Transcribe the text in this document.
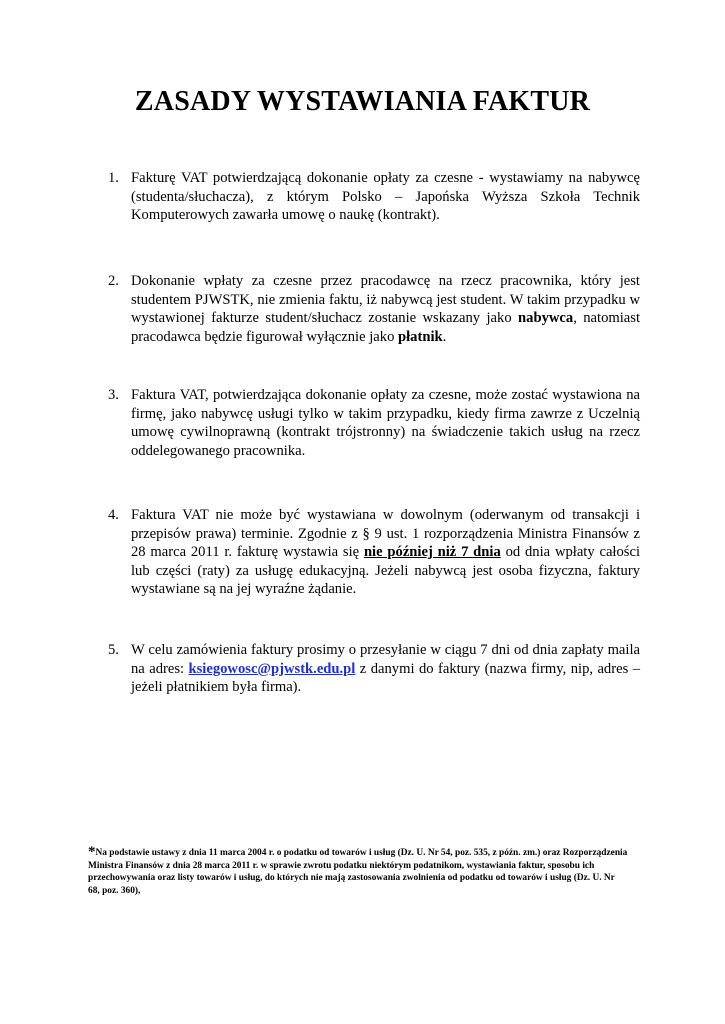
ZASADY WYSTAWIANIA FAKTUR
1. Fakturę VAT potwierdzającą dokonanie opłaty za czesne - wystawiamy na nabywcę (studenta/słuchacza), z którym Polsko – Japońska Wyższa Szkoła Technik Komputerowych zawarła umowę o naukę (kontrakt).
2. Dokonanie wpłaty za czesne przez pracodawcę na rzecz pracownika, który jest studentem PJWSTK, nie zmienia faktu, iż nabywcą jest student. W takim przypadku w wystawionej fakturze student/słuchacz zostanie wskazany jako nabywca, natomiast pracodawca będzie figurował wyłącznie jako płatnik.
3. Faktura VAT, potwierdzająca dokonanie opłaty za czesne, może zostać wystawiona na firmę, jako nabywcę usługi tylko w takim przypadku, kiedy firma zawrze z Uczelnią umowę cywilnoprawną (kontrakt trójstronny) na świadczenie takich usług na rzecz oddelegowanego pracownika.
4. Faktura VAT nie może być wystawiana w dowolnym (oderwanym od transakcji i przepisów prawa) terminie. Zgodnie z § 9 ust. 1 rozporządzenia Ministra Finansów z 28 marca 2011 r. fakturę wystawia się nie później niż 7 dnia od dnia wpłaty całości lub części (raty) za usługę edukacyjną. Jeżeli nabywcą jest osoba fizyczna, faktury wystawiane są na jej wyraźne żądanie.
5. W celu zamówienia faktury prosimy o przesyłanie w ciągu 7 dni od dnia zapłaty maila na adres: ksiegowosc@pjwstk.edu.pl z danymi do faktury (nazwa firmy, nip, adres – jeżeli płatnikiem była firma).
*Na podstawie ustawy z dnia 11 marca 2004 r. o podatku od towarów i usług (Dz. U. Nr 54, poz. 535, z późn. zm.) oraz Rozporządzenia Ministra Finansów z dnia 28 marca 2011 r. w sprawie zwrotu podatku niektórym podatnikom, wystawiania faktur, sposobu ich przechowywania oraz listy towarów i usług, do których nie mają zastosowania zwolnienia od podatku od towarów i usług (Dz. U. Nr 68, poz. 360),
